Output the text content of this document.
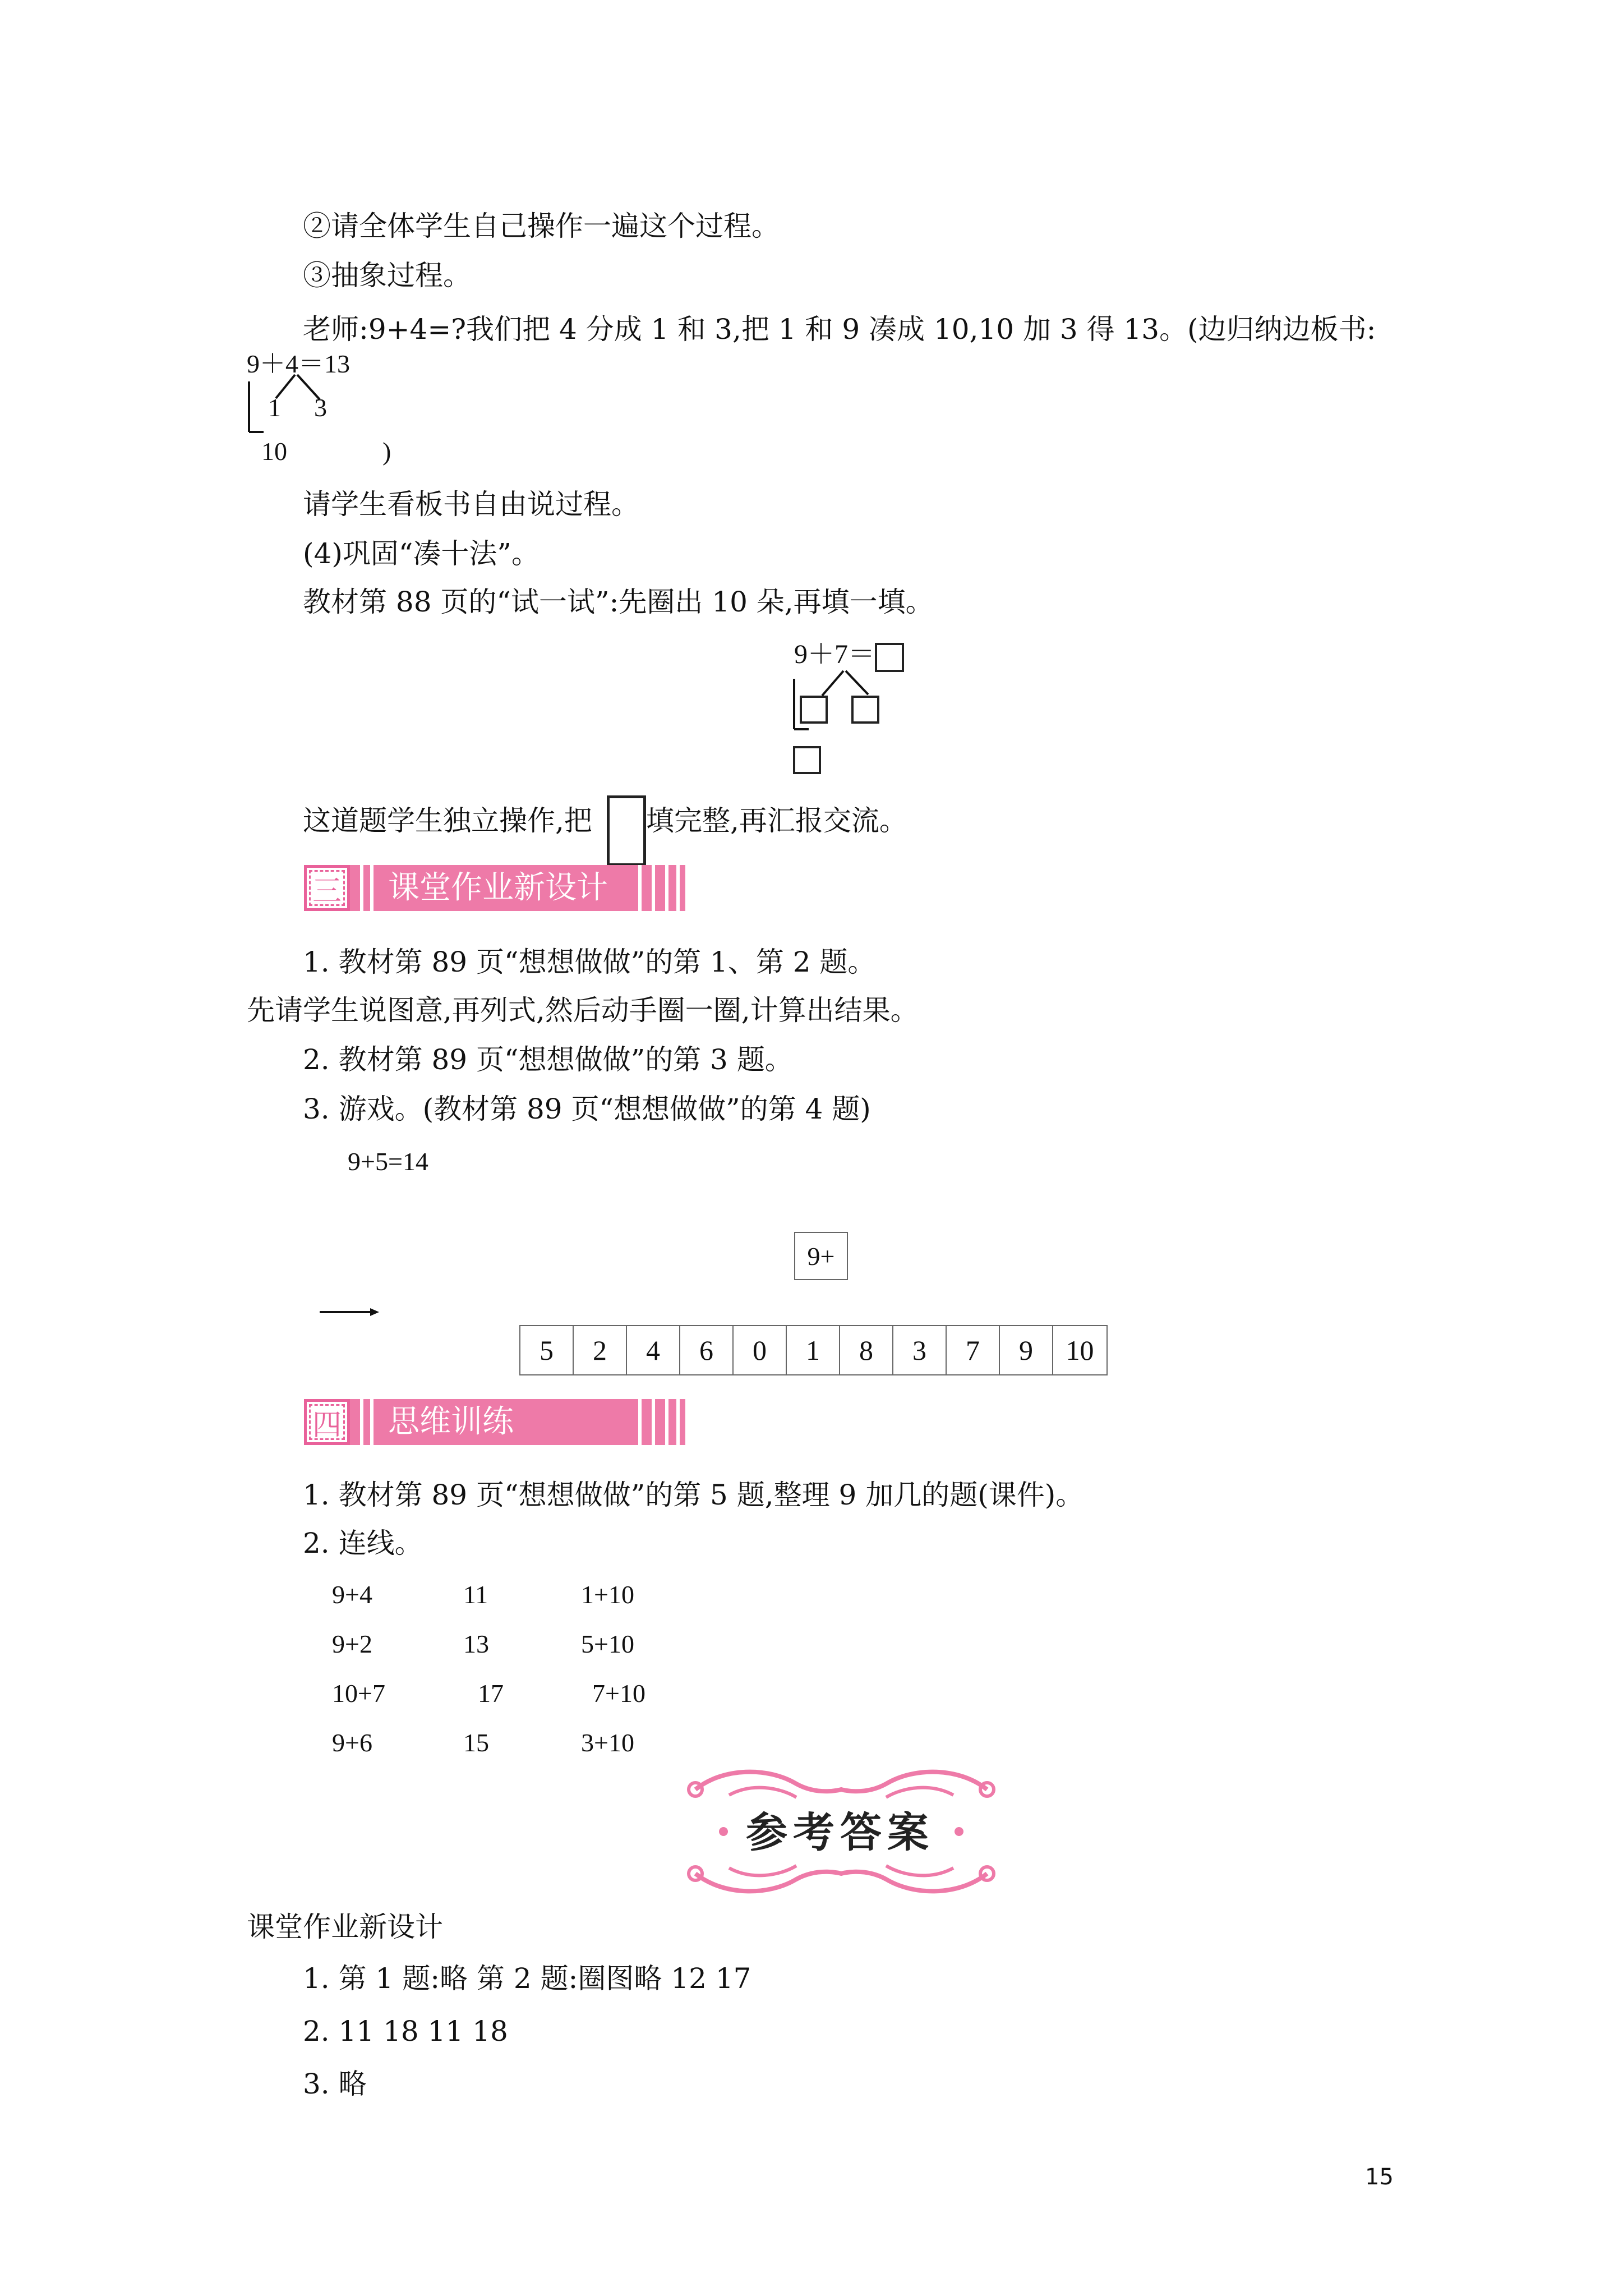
②请全体学生自己操作一遍这个过程。
③抽象过程。
老师:9+4=?我们把 4 分成 1 和 3,把 1 和 9 凑成 10,10 加 3 得 13。(边归纳边板书:
9＋4＝13
1 3
10	)
请学生看板书自由说过程。
(4)巩固“凑十法”。
教材第 88 页的“试一试”:先圈出 10 朵,再填一填。
9＋7＝
这道题学生独立操作,把 填完整,再汇报交流。
三 课堂作业新设计
1. 教材第 89 页“想想做做”的第 1、第 2 题。
先请学生说图意,再列式,然后动手圈一圈,计算出结果。
2. 教材第 89 页“想想做做”的第 3 题。
3. 游戏。(教材第 89 页“想想做做”的第 4 题)
9+5=14
9+
5	2	4	6	0	1	8	3	7	9	10
四 思维训练
1. 教材第 89 页“想想做做”的第 5 题,整理 9 加几的题(课件)。
2. 连线。
9+4	11	1+10
9+2	13	5+10
10+7	17	7+10
9+6	15	3+10
参考答案
课堂作业新设计
1. 第 1 题:略 第 2 题:圈图略 12 17
2. 11 18 11 18
3. 略
15
